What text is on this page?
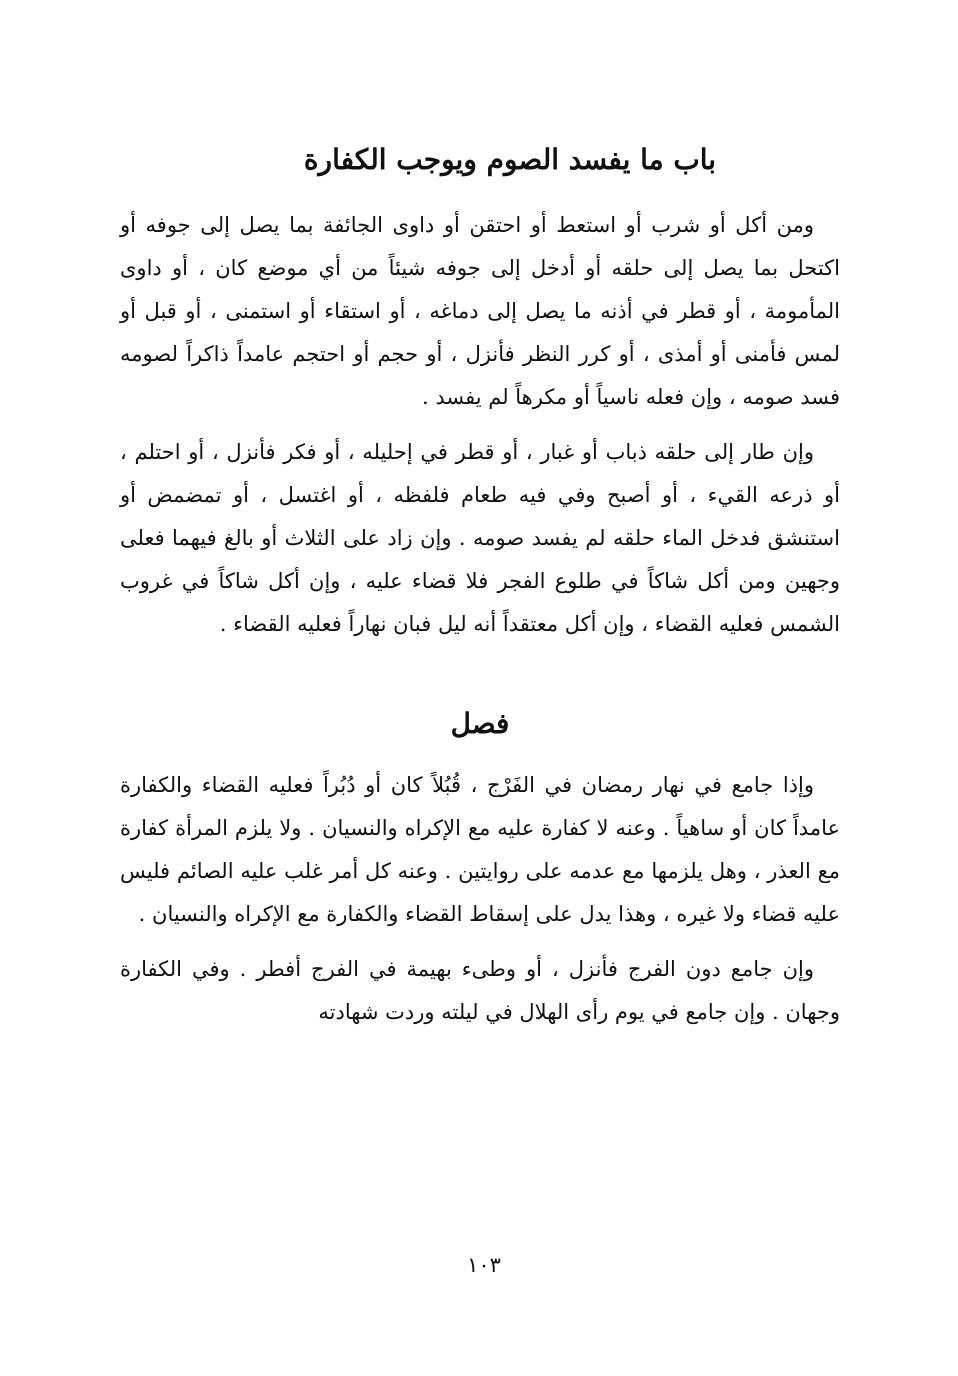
باب ما يفسد الصوم ويوجب الكفارة

ومن أكل أو شرب أو استعط أو احتقن أو داوى الجائفة بما يصل إلى جوفه أو اكتحل بما يصل إلى حلقه أو أدخل إلى جوفه شيئاً من أي موضع كان ، أو داوى المأمومة ، أو قطر في أذنه ما يصل إلى دماغه ، أو استقاء أو استمنى ، أو قبل أو لمس فأمنى أو أمذى ، أو كرر النظر فأنزل ، أو حجم أو احتجم عامداً ذاكراً لصومه فسد صومه ، وإن فعله ناسياً أو مكرهاً لم يفسد .

وإن طار إلى حلقه ذباب أو غبار ، أو قطر في إحليله ، أو فكر فأنزل ، أو احتلم ، أو ذرعه القيء ، أو أصبح وفي فيه طعام فلفظه ، أو اغتسل ، أو تمضمض أو استنشق فدخل الماء حلقه لم يفسد صومه . وإن زاد على الثلاث أو بالغ فيهما فعلى وجهين ومن أكل شاكاً في طلوع الفجر فلا قضاء عليه ، وإن أكل شاكاً في غروب الشمس فعليه القضاء ، وإن أكل معتقداً أنه ليل فبان نهاراً فعليه القضاء .

فصل

وإذا جامع في نهار رمضان في الفَرْج ، قُبُلاً كان أو دُبُراً فعليه القضاء والكفارة عامداً كان أو ساهياً . وعنه لا كفارة عليه مع الإكراه والنسيان . ولا يلزم المرأة كفارة مع العذر ، وهل يلزمها مع عدمه على روايتين . وعنه كل أمر غلب عليه الصائم فليس عليه قضاء ولا غيره ، وهذا يدل على إسقاط القضاء والكفارة مع الإكراه والنسيان .

وإن جامع دون الفرج فأنزل ، أو وطىء بهيمة في الفرج أفطر . وفي الكفارة وجهان . وإن جامع في يوم رأى الهلال في ليلته وردت شهادته

١٠٣
